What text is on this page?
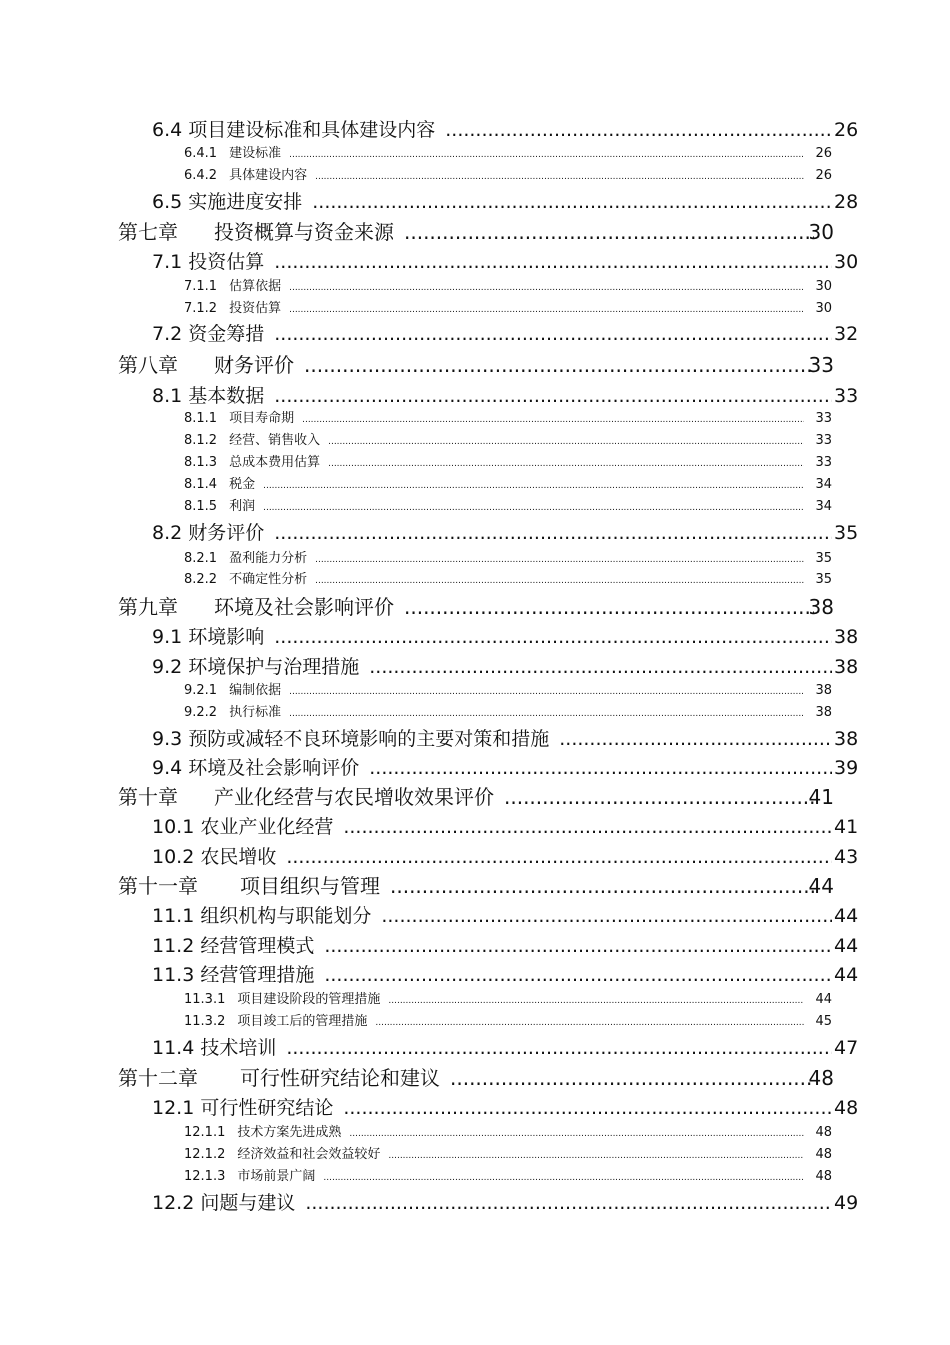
6.4 项目建设标准和具体建设内容 .....	26
6.4.1 建设标准 .....	26
6.4.2 具体建设内容 .....	26
6.5 实施进度安排 .....	28
第七章	投资概算与资金来源 .....	30
7.1 投资估算 .....	30
7.1.1 估算依据 .....	30
7.1.2 投资估算 .....	30
7.2 资金筹措 .....	32
第八章	财务评价 .....	33
8.1 基本数据 .....	33
8.1.1 项目寿命期 .....	33
8.1.2 经营、销售收入 .....	33
8.1.3 总成本费用估算 .....	33
8.1.4 税金 .....	34
8.1.5 利润 .....	34
8.2 财务评价 .....	35
8.2.1 盈利能力分析 .....	35
8.2.2 不确定性分析 .....	35
第九章	环境及社会影响评价 .....	38
9.1 环境影响 .....	38
9.2 环境保护与治理措施 .....	38
9.2.1 编制依据 .....	38
9.2.2 执行标准 .....	38
9.3 预防或减轻不良环境影响的主要对策和措施 .....	38
9.4 环境及社会影响评价 .....	39
第十章	产业化经营与农民增收效果评价 .....	41
10.1 农业产业化经营 .....	41
10.2 农民增收 .....	43
第十一章	项目组织与管理 .....	44
11.1 组织机构与职能划分 .....	44
11.2 经营管理模式 .....	44
11.3 经营管理措施 .....	44
11.3.1 项目建设阶段的管理措施 .....	44
11.3.2 项目竣工后的管理措施 .....	45
11.4 技术培训 .....	47
第十二章	可行性研究结论和建议 .....	48
12.1 可行性研究结论 .....	48
12.1.1 技术方案先进成熟 .....	48
12.1.2 经济效益和社会效益较好 .....	48
12.1.3 市场前景广阔 .....	48
12.2 问题与建议 .....	49
